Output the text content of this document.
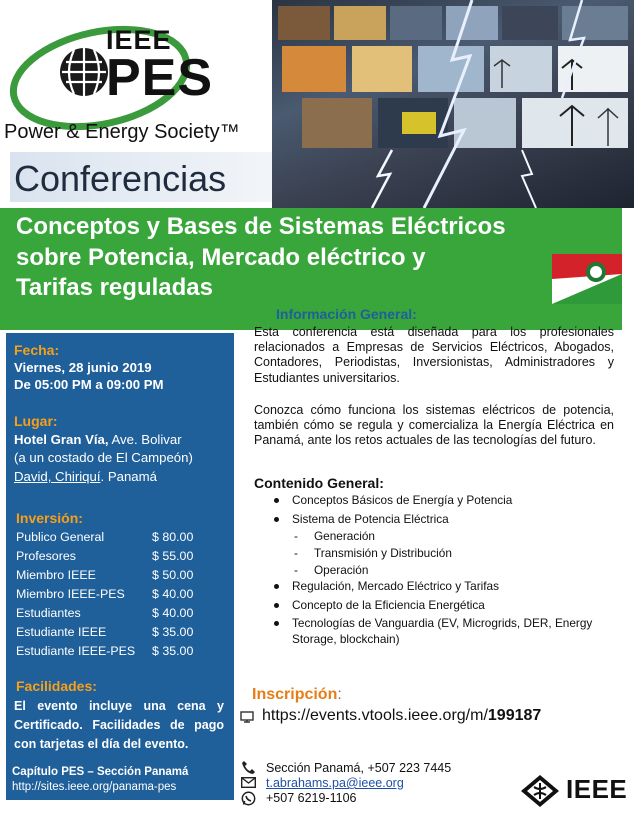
IEEE
PES
Power & Energy Society™
Conferencias
Conceptos y Bases de Sistemas Eléctricos
sobre Potencia, Mercado eléctrico y
Tarifas reguladas
Fecha:
Viernes, 28 junio 2019
De 05:00 PM a 09:00 PM
Lugar:
Hotel Gran Vía, Ave. Bolivar
(a un costado de El Campeón)
David, Chiriquí. Panamá
Inversión:
Publico General	$ 80.00
Profesores	$ 55.00
Miembro IEEE	$ 50.00
Miembro IEEE-PES $ 40.00
Estudiantes	$ 40.00
Estudiante IEEE	$ 35.00
Estudiante IEEE-PES $ 35.00
Facilidades:
El evento incluye una cena y Certificado. Facilidades de pago con tarjetas el día del evento.
Capítulo PES – Sección Panamá
http://sites.ieee.org/panama-pes
Información General:
Esta conferencia está diseñada para los profesionales relacionados a Empresas de Servicios Eléctricos, Abogados, Contadores, Periodistas, Inversionistas, Administradores y Estudiantes universitarios.
Conozca cómo funciona los sistemas eléctricos de potencia, también cómo se regula y comercializa la Energía Eléctrica en Panamá, ante los retos actuales de las tecnologías del futuro.
Contenido General:
Conceptos Básicos de Energía y Potencia
Sistema de Potencia Eléctrica
- Generación
- Transmisión y Distribución
- Operación
Regulación, Mercado Eléctrico y Tarifas
Concepto de la Eficiencia Energética
Tecnologías de Vanguardia (EV, Microgrids, DER, Energy
Storage, blockchain)
Inscripción:
https://events.vtools.ieee.org/m/199187
Sección Panamá, +507 223 7445
t.abrahams.pa@ieee.org
+507 6219-1106	IEEE
